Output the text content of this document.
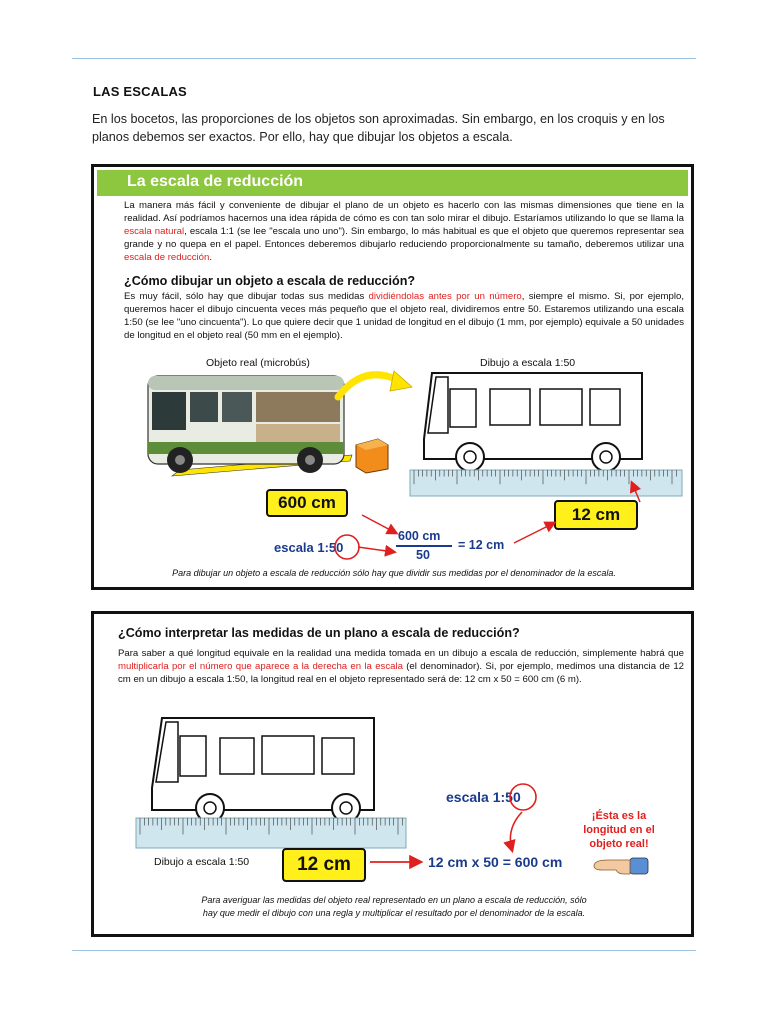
LAS ESCALAS
En los bocetos, las proporciones de los objetos son aproximadas. Sin embargo, en los croquis y en los planos debemos ser exactos. Por ello, hay que dibujar los objetos a escala.
La escala de reducción
La manera más fácil y conveniente de dibujar el plano de un objeto es hacerlo con las mismas dimensiones que tiene en la realidad. Así podríamos hacernos una idea rápida de cómo es con tan solo mirar el dibujo. Estaríamos utilizando lo que se llama la escala natural, escala 1:1 (se lee "escala uno uno"). Sin embargo, lo más habitual es que el objeto que queremos representar sea grande y no quepa en el papel. Entonces deberemos dibujarlo reduciendo proporcionalmente su tamaño, deberemos utilizar una escala de reducción.
¿Cómo dibujar un objeto a escala de reducción?
Es muy fácil, sólo hay que dibujar todas sus medidas dividiéndolas antes por un número, siempre el mismo. Si, por ejemplo, queremos hacer el dibujo cincuenta veces más pequeño que el objeto real, dividiremos entre 50. Estaremos utilizando una escala 1:50 (se lee "uno cincuenta"). Lo que quiere decir que 1 unidad de longitud en el dibujo (1 mm, por ejemplo) equivale a 50 unidades de longitud en el objeto real (50 mm en el ejemplo).
Objeto real (microbús)	Dibujo a escala 1:50
600 cm
12 cm
escala 1:50
600 cm
50
= 12 cm
Para dibujar un objeto a escala de reducción sólo hay que dividir sus medidas por el denominador de la escala.
¿Cómo interpretar las medidas de un plano a escala de reducción?
Para saber a qué longitud equivale en la realidad una medida tomada en un dibujo a escala de reducción, simplemente habrá que multiplicarla por el número que aparece a la derecha en la escala (el denominador). Si, por ejemplo, medimos una distancia de 12 cm en un dibujo a escala 1:50, la longitud real en el objeto representado será de: 12 cm x 50 = 600 cm (6 m).
Dibujo a escala 1:50	12 cm
escala 1:50
12 cm x 50 = 600 cm
¡Ésta es la
longitud en el
objeto real!
Para averiguar las medidas del objeto real representado en un plano a escala de reducción, sólo
hay que medir el dibujo con una regla y multiplicar el resultado por el denominador de la escala.
